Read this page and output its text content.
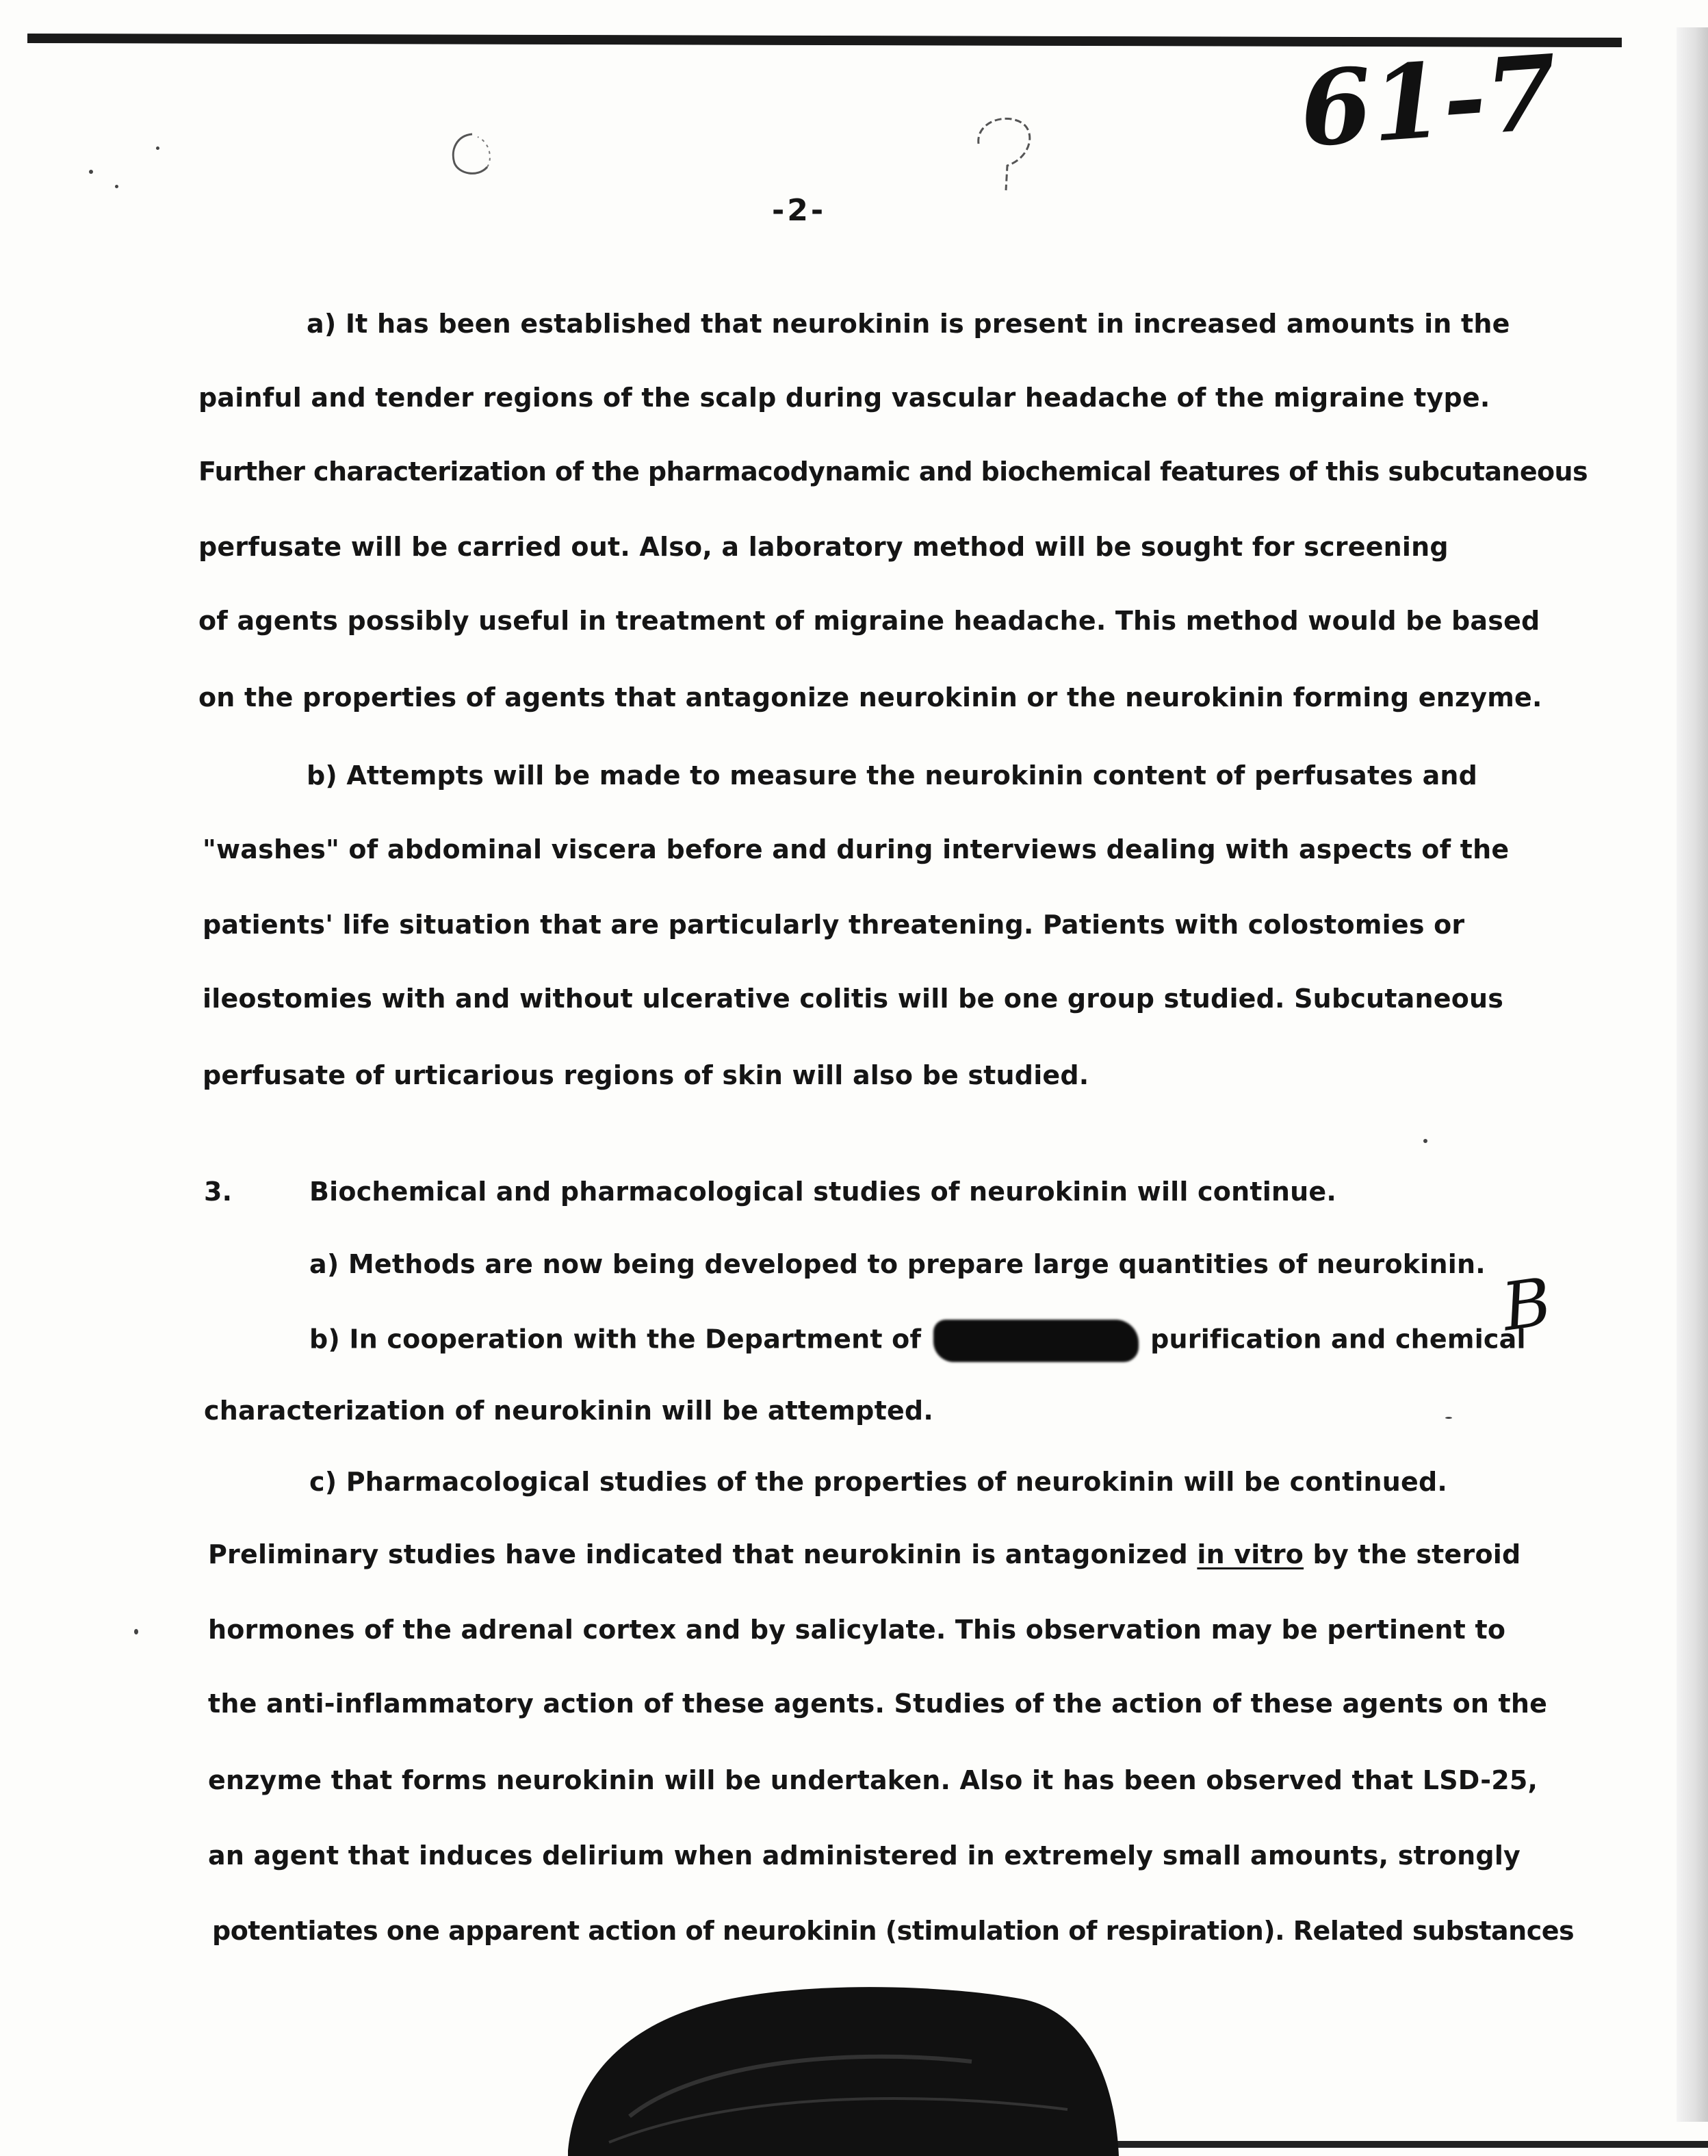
61-7
-2-
a) It has been established that neurokinin is present in increased amounts in the
painful and tender regions of the scalp during vascular headache of the migraine type.
Further characterization of the pharmacodynamic and biochemical features of this subcutaneous
perfusate will be carried out. Also, a laboratory method will be sought for screening
of agents possibly useful in treatment of migraine headache. This method would be based
on the properties of agents that antagonize neurokinin or the neurokinin forming enzyme.
b) Attempts will be made to measure the neurokinin content of perfusates and
"washes" of abdominal viscera before and during interviews dealing with aspects of the
patients' life situation that are particularly threatening. Patients with colostomies or
ileostomies with and without ulcerative colitis will be one group studied. Subcutaneous
perfusate of urticarious regions of skin will also be studied.
3.	Biochemical and pharmacological studies of neurokinin will continue.
a) Methods are now being developed to prepare large quantities of neurokinin.
b) In cooperation with the Department of	purification and chemical
characterization of neurokinin will be attempted.
B
c) Pharmacological studies of the properties of neurokinin will be continued.
Preliminary studies have indicated that neurokinin is antagonized in vitro by the steroid
hormones of the adrenal cortex and by salicylate. This observation may be pertinent to
the anti-inflammatory action of these agents. Studies of the action of these agents on the
enzyme that forms neurokinin will be undertaken. Also it has been observed that LSD-25,
an agent that induces delirium when administered in extremely small amounts, strongly
potentiates one apparent action of neurokinin (stimulation of respiration). Related substances
